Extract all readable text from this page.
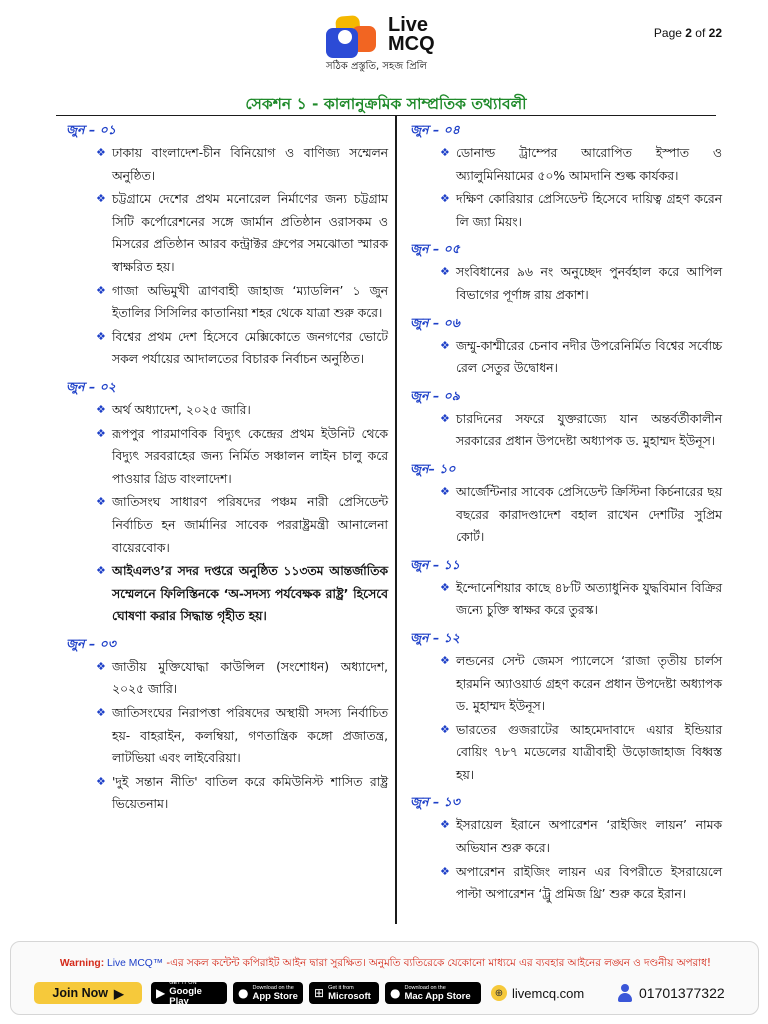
Live
MCQ
সঠিক প্রস্তুতি, সহজ প্রিলি
Page 2 of 22
সেকশন ১ - কালানুক্রমিক সাম্প্রতিক তথ্যাবলী
জুন – ০১
❖ ঢাকায় বাংলাদেশ-চীন বিনিয়োগ ও বাণিজ্য সম্মেলন অনুষ্ঠিত।
❖ চট্টগ্রামে দেশের প্রথম মনোরেল নির্মাণের জন্য চট্টগ্রাম সিটি কর্পোরেশনের সঙ্গে জার্মান প্রতিষ্ঠান ওরাসকম ও মিসরের প্রতিষ্ঠান আরব কন্ট্রাক্টর গ্রুপের সমঝোতা স্মারক স্বাক্ষরিত হয়।
❖ গাজা অভিমুখী ত্রাণবাহী জাহাজ ‘ম্যাডলিন’ ১ জুন ইতালির সিসিলির কাতানিয়া শহর থেকে যাত্রা শুরু করে।
❖ বিশ্বের প্রথম দেশ হিসেবে মেক্সিকোতে জনগণের ভোটে সকল পর্যায়ের আদালতের বিচারক নির্বাচন অনুষ্ঠিত।
জুন – ০২
❖ অর্থ অধ্যাদেশ, ২০২৫ জারি।
❖ রূপপুর পারমাণবিক বিদ্যুৎ কেন্দ্রের প্রথম ইউনিট থেকে বিদ্যুৎ সরবরাহের জন্য নির্মিত সঞ্চালন লাইন চালু করে পাওয়ার গ্রিড বাংলাদেশ।
❖ জাতিসংঘ সাধারণ পরিষদের পঞ্চম নারী প্রেসিডেন্ট নির্বাচিত হন জার্মানির সাবেক পররাষ্ট্রমন্ত্রী আনালেনা বায়েরবোক।
❖ আইএলও’র সদর দপ্তরে অনুষ্ঠিত ১১৩তম আন্তর্জাতিক সম্মেলনে ফিলিস্তিনকে ‘অ-সদস্য পর্যবেক্ষক রাষ্ট্র’ হিসেবে ঘোষণা করার সিদ্ধান্ত গৃহীত হয়।
জুন – ০৩
❖ জাতীয় মুক্তিযোদ্ধা কাউন্সিল (সংশোধন) অধ্যাদেশ, ২০২৫ জারি।
❖ জাতিসংঘের নিরাপত্তা পরিষদের অস্থায়ী সদস্য নির্বাচিত হয়- বাহরাইন, কলম্বিয়া, গণতান্ত্রিক কঙ্গো প্রজাতন্ত্র, লাটভিয়া এবং লাইবেরিয়া।
❖ 'দুই সন্তান নীতি' বাতিল করে কমিউনিস্ট শাসিত রাষ্ট্র ভিয়েতনাম।
জুন – ০৪
❖ ডোনাল্ড ট্রাম্পের আরোপিত ইস্পাত ও অ্যালুমিনিয়ামের ৫০% আমদানি শুল্ক কার্যকর।
❖ দক্ষিণ কোরিয়ার প্রেসিডেন্ট হিসেবে দায়িত্ব গ্রহণ করেন লি জ্যা মিয়ং।
জুন – ০৫
❖ সংবিধানের ৯৬ নং অনুচ্ছেদ পুনর্বহাল করে আপিল বিভাগের পূর্ণাঙ্গ রায় প্রকাশ।
জুন – ০৬
❖ জম্মু-কাশ্মীরের চেনাব নদীর উপরেনির্মিত বিশ্বের সর্বোচ্চ রেল সেতুর উদ্বোধন।
জুন – ০৯
❖ চারদিনের সফরে যুক্তরাজ্যে যান অন্তর্বর্তীকালীন সরকারের প্রধান উপদেষ্টা অধ্যাপক ড. মুহাম্মদ ইউনূস।
জুন– ১০
❖ আর্জেন্টিনার সাবেক প্রেসিডেন্ট ক্রিস্টিনা কির্চনারের ছয় বছরের কারাদণ্ডাদেশ বহাল রাখেন দেশটির সুপ্রিম কোর্ট।
জুন – ১১
❖ ইন্দোনেশিয়ার কাছে ৪৮টি অত্যাধুনিক যুদ্ধবিমান বিক্রির জন্যে চুক্তি স্বাক্ষর করে তুরস্ক।
জুন – ১২
❖ লন্ডনের সেন্ট জেমস প্যালেসে ‘রাজা তৃতীয় চার্লস হারমনি অ্যাওয়ার্ড গ্রহণ করেন প্রধান উপদেষ্টা অধ্যাপক ড. মুহাম্মদ ইউনূস।
❖ ভারতের গুজরাটের আহমেদাবাদে এয়ার ইন্ডিয়ার বোয়িং ৭৮৭ মডেলের যাত্রীবাহী উড়োজাহাজ বিধ্বস্ত হয়।
জুন – ১৩
❖ ইসরায়েল ইরানে অপারেশন ‘রাইজিং লায়ন’ নামক অভিযান শুরু করে।
❖ অপারেশন রাইজিং লায়ন এর বিপরীতে ইসরায়েলে পাল্টা অপারেশন ‘ট্রু প্রমিজ থ্রি’ শুরু করে ইরান।
Warning: Live MCQ™ -এর সকল কন্টেন্ট কপিরাইট আইন দ্বারা সুরক্ষিত। অনুমতি ব্যতিরেকে যেকোনো মাধ্যমে এর ব্যবহার আইনের লঙ্ঘন ও দণ্ডনীয় অপরাধ!
Join Now ▶	▶
GET IT ON
Google Play
● Download on the
App Store ⊞ Get it from
Microsoft ● Download on the
Mac App Store	⊕ livemcq.com	01701377322
